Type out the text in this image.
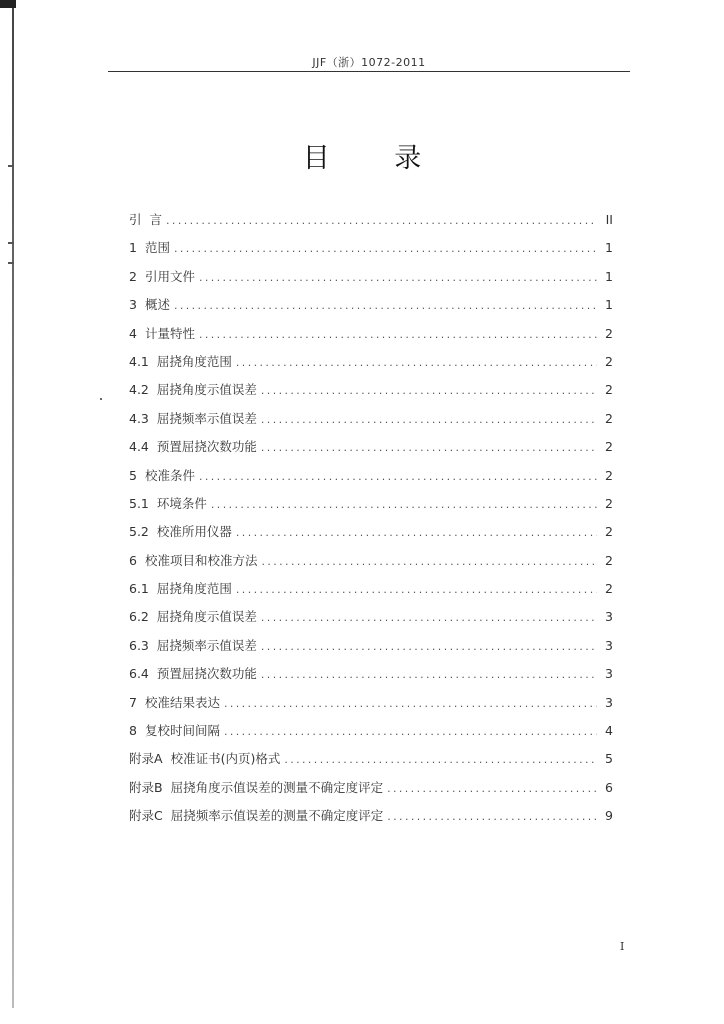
JJF（浙）1072-2011
目 录
引 言 .....	II
1 范围 .....	1
2 引用文件 .....	1
3 概述 .....	1
4 计量特性 .....	2
4.1 屈挠角度范围 .....	2
4.2 屈挠角度示值误差 .....	2
4.3 屈挠频率示值误差 .....	2
4.4 预置屈挠次数功能 .....	2
5 校准条件 .....	2
5.1 环境条件 .....	2
5.2 校准所用仪器 .....	2
6 校准项目和校准方法 .....	2
6.1 屈挠角度范围 .....	2
6.2 屈挠角度示值误差 .....	3
6.3 屈挠频率示值误差 .....	3
6.4 预置屈挠次数功能 .....	3
7 校准结果表达 .....	3
8 复校时间间隔 .....	4
附录A 校准证书(内页)格式 .....	5
附录B 屈挠角度示值误差的测量不确定度评定 .....	6
附录C 屈挠频率示值误差的测量不确定度评定 .....	9
I
